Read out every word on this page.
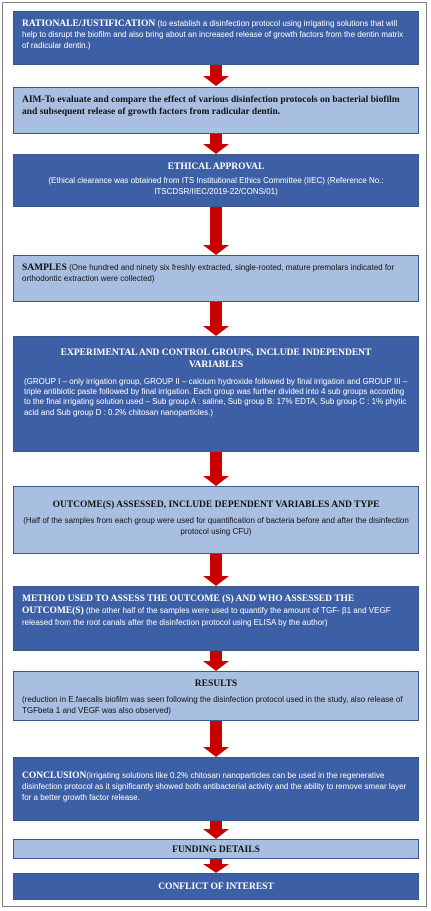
RATIONALE/JUSTIFICATION (to establish a disinfection protocol using irrigating solutions that will help to disrupt the biofilm and also bring about an increased release of growth factors from the dentin matrix of radicular dentin.)
AIM-To evaluate and compare the effect of various disinfection protocols on bacterial biofilm and subsequent release of growth factors from radicular dentin.
ETHICAL APPROVAL
(Ethical clearance was obtained from ITS Institutional Ethics Committee (IIEC) (Reference No.: ITSCDSR/IIEC/2019-22/CONS/01)
SAMPLES (One hundred and ninety six freshly extracted, single-rooted, mature premolars indicated for orthodontic extraction were collected)
EXPERIMENTAL AND CONTROL GROUPS, INCLUDE INDEPENDENT VARIABLES
(GROUP I – only irrigation group, GROUP II – calcium hydroxide followed by final irrigation and GROUP III – triple antibiotic paste followed by final irrigation. Each group was further divided into 4 sub groups according to the final irrigating solution used – Sub group A : saline, Sub group B: 17% EDTA, Sub group C : 1% phytic acid and Sub group D : 0.2% chitosan nanoparticles.)
OUTCOME(S) ASSESSED, INCLUDE DEPENDENT VARIABLES AND TYPE
(Half of the samples from each group were used for quantification of bacteria before and after the disinfection protocol using CFU)
METHOD USED TO ASSESS THE OUTCOME (S) AND WHO ASSESSED THE OUTCOME(S) (the other half of the samples were used to quantify the amount of TGF- β1 and VEGF released from the root canals after the disinfection protocol using ELISA by the author)
RESULTS
(reduction in E.faecalis biofilm was seen following the disinfection protocol used in the study, also release of TGFbeta 1 and VEGF was also observed)
CONCLUSION(irrigating solutions like 0.2% chitosan nanoparticles can be used in the regenerative disinfection protocol as it significantly showed both antibacterial activity and the ability to remove smear layer for a better growth factor release.
FUNDING DETAILS
CONFLICT OF INTEREST
